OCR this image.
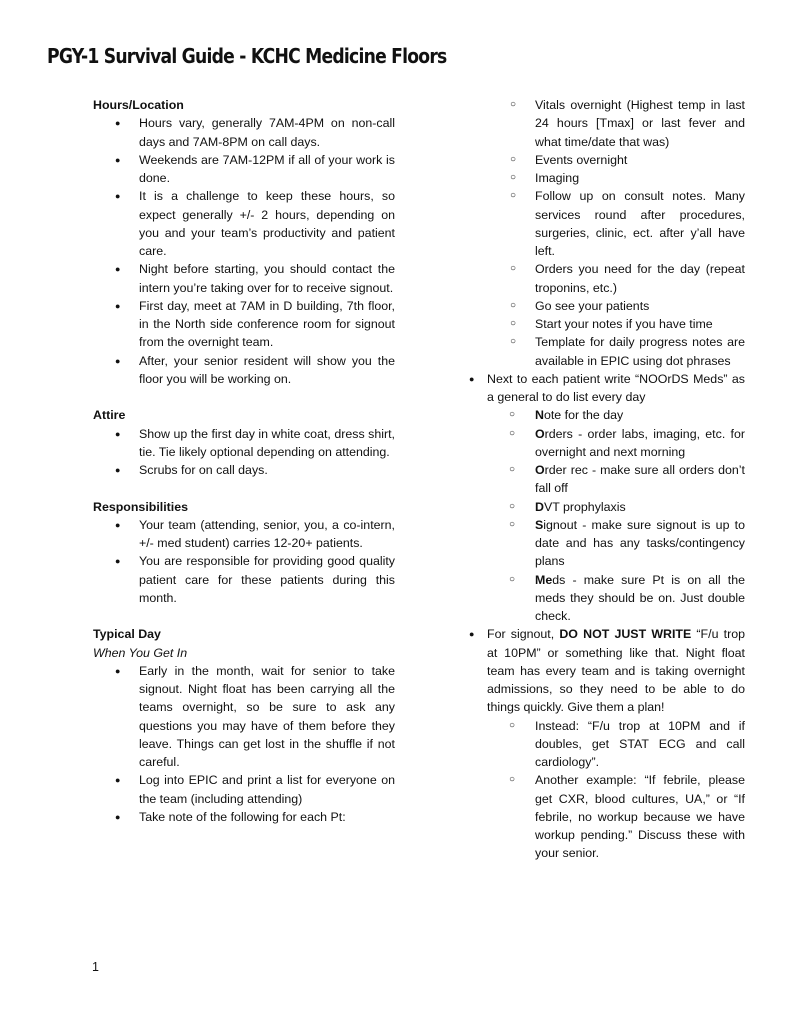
PGY-1 Survival Guide - KCHC Medicine Floors

Hours/Location

● Hours vary, generally 7AM-4PM on non-call days and 7AM-8PM on call days.
● Weekends are 7AM-12PM if all of your work is done.
● It is a challenge to keep these hours, so expect generally +/- 2 hours, depending on you and your team’s productivity and patient care.
● Night before starting, you should contact the intern you’re taking over for to receive signout.
● First day, meet at 7AM in D building, 7th floor, in the North side conference room for signout from the overnight team.
● After, your senior resident will show you the floor you will be working on.

Attire

● Show up the first day in white coat, dress shirt, tie. Tie likely optional depending on attending.
● Scrubs for on call days.

Responsibilities

● Your team (attending, senior, you, a co-intern, +/- med student) carries 12-20+ patients.
● You are responsible for providing good quality patient care for these patients during this month.

Typical Day

When You Get In

● Early in the month, wait for senior to take signout. Night float has been carrying all the teams overnight, so be sure to ask any questions you may have of them before they leave. Things can get lost in the shuffle if not careful.
● Log into EPIC and print a list for everyone on the team (including attending)
● Take note of the following for each Pt:
○ Vitals overnight (Highest temp in last 24 hours [Tmax] or last fever and what time/date that was)
○ Events overnight
○ Imaging
○ Follow up on consult notes. Many services round after procedures, surgeries, clinic, ect. after y’all have left.
○ Orders you need for the day (repeat troponins, etc.)
○ Go see your patients
○ Start your notes if you have time
○ Template for daily progress notes are available in EPIC using dot phrases
● Next to each patient write “NOOrDS Meds” as a general to do list every day
○ Note for the day
○ Orders - order labs, imaging, etc. for overnight and next morning
○ Order rec - make sure all orders don’t fall off
○ DVT prophylaxis
○ Signout - make sure signout is up to date and has any tasks/contingency plans
○ Meds - make sure Pt is on all the meds they should be on. Just double check.
● For signout, DO NOT JUST WRITE “F/u trop at 10PM” or something like that. Night float team has every team and is taking overnight admissions, so they need to be able to do things quickly. Give them a plan!
○ Instead: “F/u trop at 10PM and if doubles, get STAT ECG and call cardiology”.
○ Another example: “If febrile, please get CXR, blood cultures, UA,” or “If febrile, no workup because we have workup pending.” Discuss these with your senior.
1
